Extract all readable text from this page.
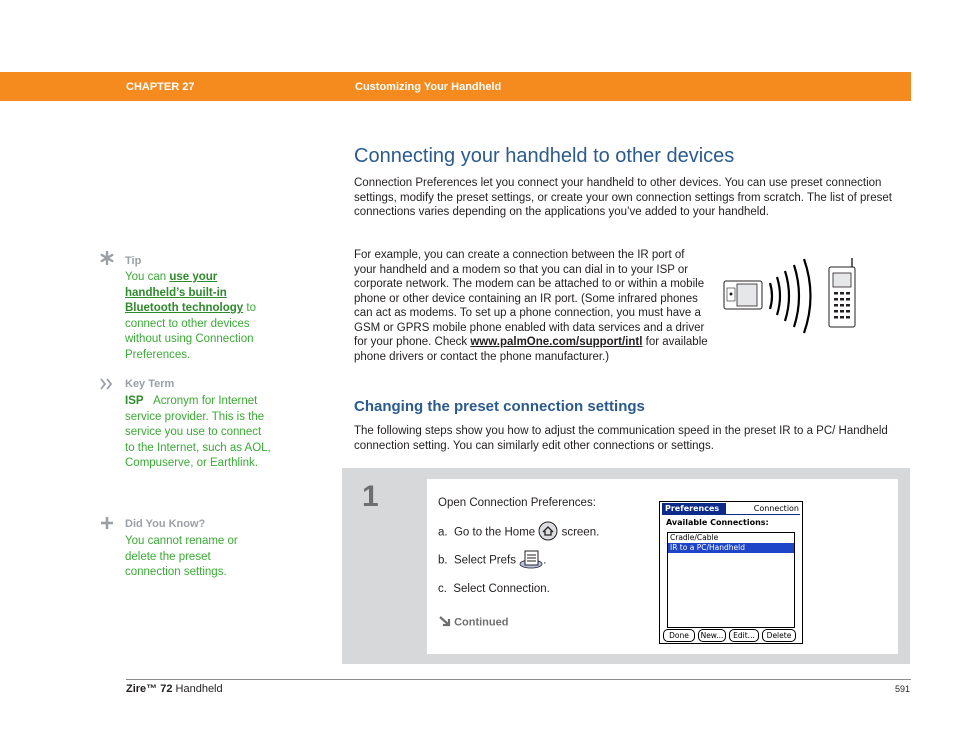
CHAPTER 27	Customizing Your Handheld
Tip
You can use your handheld’s built-in Bluetooth technology to connect to other devices without using Connection Preferences.
Key Term
ISP Acronym for Internet service provider. This is the service you use to connect to the Internet, such as AOL, Compuserve, or Earthlink.
Did You Know?
You cannot rename or delete the preset connection settings.
Connecting your handheld to other devices
Connection Preferences let you connect your handheld to other devices. You can use preset connection settings, modify the preset settings, or create your own connection settings from scratch. The list of preset connections varies depending on the applications you’ve added to your handheld.
For example, you can create a connection between the IR port of your handheld and a modem so that you can dial in to your ISP or corporate network. The modem can be attached to or within a mobile phone or other device containing an IR port. (Some infrared phones can act as modems. To set up a phone connection, you must have a GSM or GPRS mobile phone enabled with data services and a driver for your phone. Check www.palmOne.com/support/intl for available phone drivers or contact the phone manufacturer.)
Changing the preset connection settings
The following steps show you how to adjust the communication speed in the preset IR to a PC/ Handheld connection setting. You can similarly edit other connections or settings.
1	Open Connection Preferences:
a. Go to the Home screen.
b. Select Prefs .
c. Select Connection.
Continued
Preferences	Connection
Available Connections:
Cradle/Cable
IR to a PC/Handheld
Done	New...	Edit...	Delete
Zire™ 72 Handheld	591
